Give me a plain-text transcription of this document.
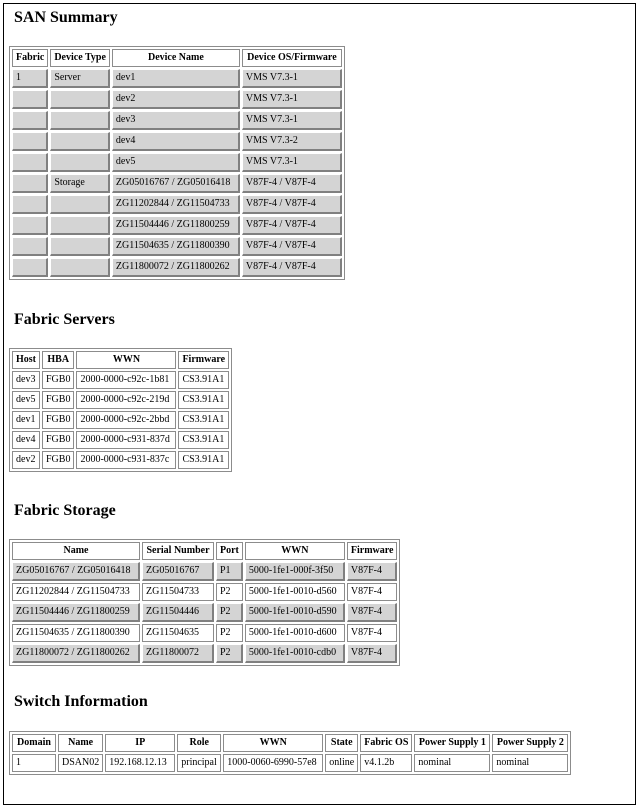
SAN Summary
Fabric	Device Type	Device Name	Device OS/Firmware
1	Server	dev1	VMS V7.3-1
		dev2	VMS V7.3-1
		dev3	VMS V7.3-1
		dev4	VMS V7.3-2
		dev5	VMS V7.3-1
	Storage	ZG05016767 / ZG05016418	V87F-4 / V87F-4
		ZG11202844 / ZG11504733	V87F-4 / V87F-4
		ZG11504446 / ZG11800259	V87F-4 / V87F-4
		ZG11504635 / ZG11800390	V87F-4 / V87F-4
		ZG11800072 / ZG11800262	V87F-4 / V87F-4
Fabric Servers
Host	HBA	WWN	Firmware
dev3	FGB0	2000-0000-c92c-1b81	CS3.91A1
dev5	FGB0	2000-0000-c92c-219d	CS3.91A1
dev1	FGB0	2000-0000-c92c-2bbd	CS3.91A1
dev4	FGB0	2000-0000-c931-837d	CS3.91A1
dev2	FGB0	2000-0000-c931-837c	CS3.91A1
Fabric Storage
Name	Serial Number	Port	WWN	Firmware
ZG05016767 / ZG05016418	ZG05016767	P1	5000-1fe1-000f-3f50	V87F-4
ZG11202844 / ZG11504733	ZG11504733	P2	5000-1fe1-0010-d560	V87F-4
ZG11504446 / ZG11800259	ZG11504446	P2	5000-1fe1-0010-d590	V87F-4
ZG11504635 / ZG11800390	ZG11504635	P2	5000-1fe1-0010-d600	V87F-4
ZG11800072 / ZG11800262	ZG11800072	P2	5000-1fe1-0010-cdb0	V87F-4
Switch Information
Domain	Name	IP	Role	WWN	State	Fabric OS	Power Supply 1	Power Supply 2
1	DSAN02	192.168.12.13	principal	1000-0060-6990-57e8	online	v4.1.2b	nominal	nominal
